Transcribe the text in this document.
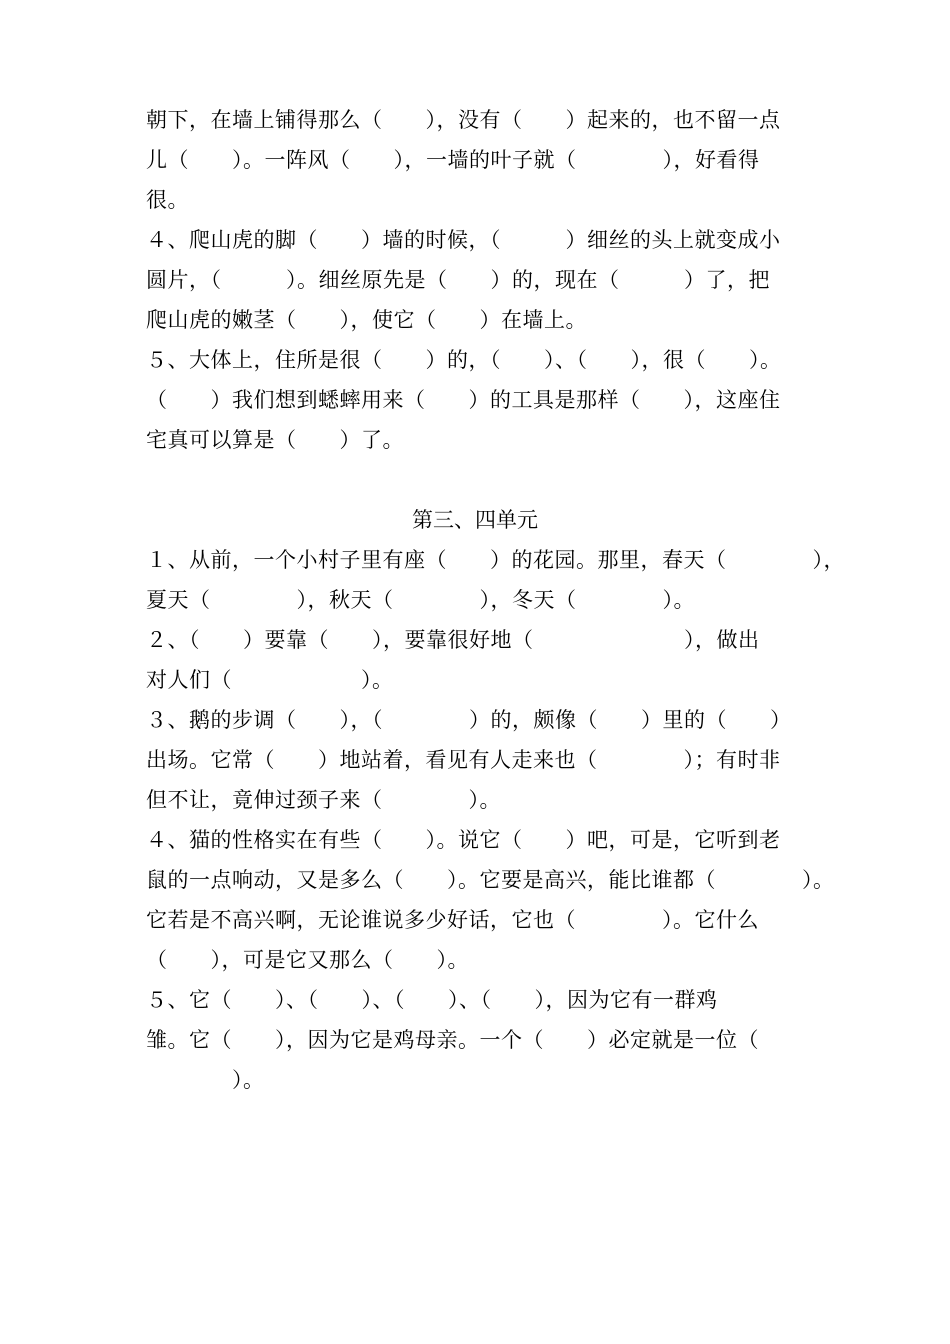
朝下，在墙上铺得那么（　　），没有（　　）起来的，也不留一点
儿（　　）。一阵风（　　），一墙的叶子就（　　　　），好看得
很。
４、爬山虎的脚（　　）墙的时候，（　　　）细丝的头上就变成小
圆片，（　　　）。细丝原先是（　　）的，现在（　　　）了，把
爬山虎的嫩茎（　　），使它（　　）在墙上。
５、大体上，住所是很（　　）的，（　　）、（　　），很（　　）。
（　　）我们想到蟋蟀用来（　　）的工具是那样（　　），这座住
宅真可以算是（　　）了。
第三、四单元
１、从前，一个小村子里有座（　　）的花园。那里，春天（　　　　），
夏天（　　　　），秋天（　　　　），冬天（　　　　）。
２、（　　）要靠（　　），要靠很好地（　　　　　　　），做出
对人们（　　　　　　）。
３、鹅的步调（　　），（　　　　）的，颇像（　　）里的（　　）
出场。它常（　　）地站着，看见有人走来也（　　　　）；有时非
但不让，竟伸过颈子来（　　　　）。
４、猫的性格实在有些（　　）。说它（　　）吧，可是，它听到老
鼠的一点响动，又是多么（　　）。它要是高兴，能比谁都（　　　　）。
它若是不高兴啊，无论谁说多少好话，它也（　　　　）。它什么
（　　），可是它又那么（　　）。
５、它（　　）、（　　）、（　　）、（　　），因为它有一群鸡
雏。它（　　），因为它是鸡母亲。一个（　　）必定就是一位（
　　　　）。
